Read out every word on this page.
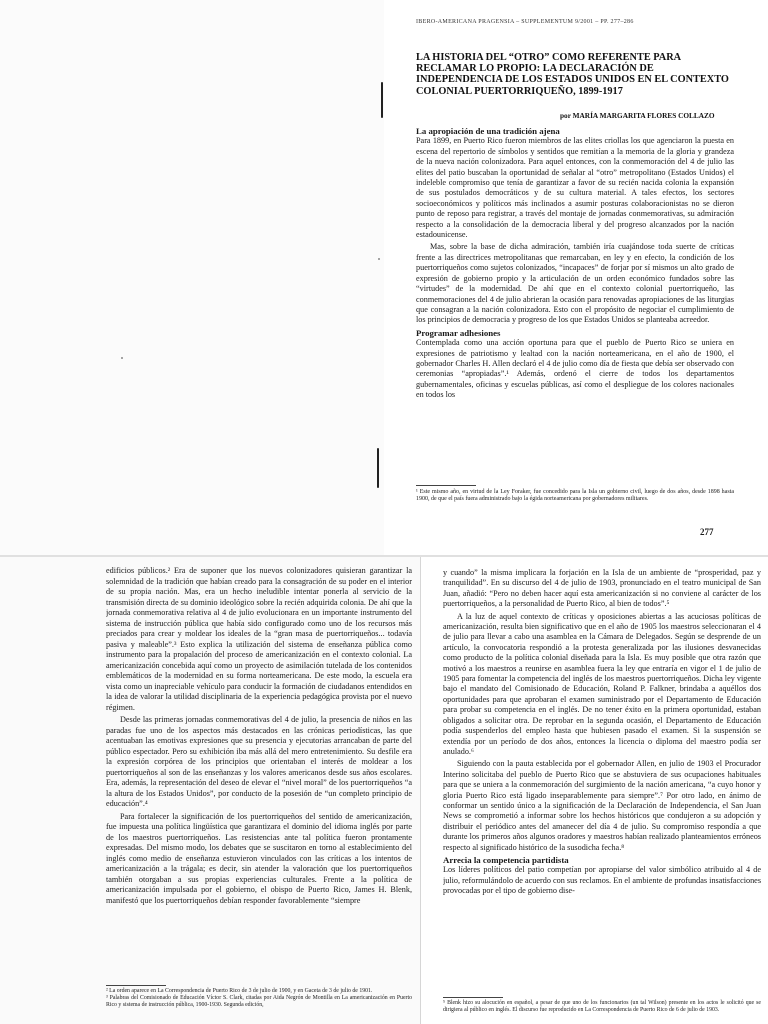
IBERO-AMERICANA PRAGENSIA – SUPPLEMENTUM 9/2001 – PP. 277–286
LA HISTORIA DEL “OTRO” COMO REFERENTE PARA RECLAMAR LO PROPIO: LA DECLARACIÓN DE INDEPENDENCIA DE LOS ESTADOS UNIDOS EN EL CONTEXTO COLONIAL PUERTORRIQUEÑO, 1899-1917
por MARÍA MARGARITA FLORES COLLAZO
La apropiación de una tradición ajena

Para 1899, en Puerto Rico fueron miembros de las elites criollas los que agenciaron la puesta en escena del repertorio de símbolos y sentidos que remitían a la memoria de la gloria y grandeza de la nueva nación colonizadora. Para aquel entonces, con la conmemoración del 4 de julio las elites del patio buscaban la oportunidad de señalar al “otro” metropolitano (Estados Unidos) el indeleble compromiso que tenía de garantizar a favor de su recién nacida colonia la expansión de sus postulados democráticos y de su cultura material. A tales efectos, los sectores socioeconómicos y políticos más inclinados a asumir posturas colaboracionistas no se dieron punto de reposo para registrar, a través del montaje de jornadas conmemorativas, su admiración respecto a la consolidación de la democracia liberal y del progreso alcanzados por la nación estadounicense.

Mas, sobre la base de dicha admiración, también iría cuajándose toda suerte de críticas frente a las directrices metropolitanas que remarcaban, en ley y en efecto, la condición de los puertorriqueños como sujetos colonizados, “incapaces” de forjar por sí mismos un alto grado de expresión de gobierno propio y la articulación de un orden económico fundados sobre las “virtudes” de la modernidad. De ahí que en el contexto colonial puertorriqueño, las conmemoraciones del 4 de julio abrieran la ocasión para renovadas apropiaciones de las liturgias que consagran a la nación colonizadora. Esto con el propósito de negociar el cumplimiento de los principios de democracia y progreso de los que Estados Unidos se planteaba acreedor.

Programar adhesiones

Contemplada como una acción oportuna para que el pueblo de Puerto Rico se uniera en expresiones de patriotismo y lealtad con la nación norteamericana, en el año de 1900, el gobernador Charles H. Allen declaró el 4 de julio como día de fiesta que debía ser observado con ceremonias “apropiadas”.¹ Además, ordenó el cierre de todos los departamentos gubernamentales, oficinas y escuelas públicas, así como el despliegue de los colores nacionales en todos los

¹ Este mismo año, en virtud de la Ley Foraker, fue concedido para la Isla un gobierno civil, luego de dos años, desde 1898 hasta 1900, de que el país fuera administrado bajo la égida norteamericana por gobernadores militares.
277

edificios públicos.² Era de suponer que los nuevos colonizadores quisieran garantizar la solemnidad de la tradición que habían creado para la consagración de su poder en el interior de su propia nación. Mas, era un hecho ineludible intentar ponerla al servicio de la transmisión directa de su dominio ideológico sobre la recién adquirida colonia. De ahí que la jornada conmemorativa relativa al 4 de julio evolucionara en un importante instrumento del sistema de instrucción pública que había sido configurado como uno de los recursos más preciados para crear y moldear los ideales de la “gran masa de puertorriqueños... todavía pasiva y maleable”.³ Esto explica la utilización del sistema de enseñanza pública como instrumento para la propalación del proceso de americanización en el contexto colonial. La americanización concebida aquí como un proyecto de asimilación tutelada de los contenidos emblemáticos de la modernidad en su forma norteamericana. De este modo, la escuela era vista como un inapreciable vehículo para conducir la formación de ciudadanos entendidos en la idea de valorar la utilidad disciplinaria de la experiencia pedagógica provista por el nuevo régimen.

Desde las primeras jornadas conmemorativas del 4 de julio, la presencia de niños en las paradas fue uno de los aspectos más destacados en las crónicas periodísticas, las que acentuaban las emotivas expresiones que su presencia y ejecutorias arrancaban de parte del público espectador. Pero su exhibición iba más allá del mero entretenimiento. Su desfile era la expresión corpórea de los principios que orientaban el interés de moldear a los puertorriqueños al son de las enseñanzas y los valores americanos desde sus años escolares. Era, además, la representación del deseo de elevar el “nivel moral” de los puertorriqueños “a la altura de los Estados Unidos”, por conducto de la posesión de “un completo principio de educación”.⁴

Para fortalecer la significación de los puertorriqueños del sentido de americanización, fue impuesta una política lingüística que garantizara el dominio del idioma inglés por parte de los maestros puertorriqueños. Las resistencias ante tal política fueron prontamente expresadas. Del mismo modo, los debates que se suscitaron en torno al establecimiento del inglés como medio de enseñanza estuvieron vinculados con las críticas a los intentos de americanización a la trágala; es decir, sin atender la valoración que los puertorriqueños también otorgaban a sus propias experiencias culturales. Frente a la política de americanización impulsada por el gobierno, el obispo de Puerto Rico, James H. Blenk, manifestó que los puertorriqueños debían responder favorablemente “siempre

² La orden aparece en La Correspondencia de Puerto Rico de 3 de julio de 1900, y en Gaceta de 3 de julio de 1901.
³ Palabras del Comisionado de Educación Víctor S. Clark, citadas por Aida Negrón de Montilla en La americanización en Puerto Rico y sistema de instrucción pública, 1900-1930. Segunda edición,

y cuando” la misma implicara la forjación en la Isla de un ambiente de “prosperidad, paz y tranquilidad”. En su discurso del 4 de julio de 1903, pronunciado en el teatro municipal de San Juan, añadió: “Pero no deben hacer aquí esta americanización si no conviene al carácter de los puertorriqueños, a la personalidad de Puerto Rico, al bien de todos”.⁵

A la luz de aquel contexto de críticas y oposiciones abiertas a las acuciosas políticas de americanización, resulta bien significativo que en el año de 1905 los maestros seleccionaran el 4 de julio para llevar a cabo una asamblea en la Cámara de Delegados. Según se desprende de un artículo, la convocatoria respondió a la protesta generalizada por las ilusiones desvanecidas como producto de la política colonial diseñada para la Isla. Es muy posible que otra razón que motivó a los maestros a reunirse en asamblea fuera la ley que entraría en vigor el 1 de julio de 1905 para fomentar la competencia del inglés de los maestros puertorriqueños. Dicha ley vigente bajo el mandato del Comisionado de Educación, Roland P. Falkner, brindaba a aquéllos dos oportunidades para que aprobaran el examen suministrado por el Departamento de Educación para probar su competencia en el inglés. De no tener éxito en la primera oportunidad, estaban obligados a solicitar otra. De reprobar en la segunda ocasión, el Departamento de Educación podía suspenderlos del empleo hasta que hubiesen pasado el examen. Si la suspensión se extendía por un período de dos años, entonces la licencia o diploma del maestro podía ser anulado.⁶

Siguiendo con la pauta establecida por el gobernador Allen, en julio de 1903 el Procurador Interino solicitaba del pueblo de Puerto Rico que se abstuviera de sus ocupaciones habituales para que se uniera a la conmemoración del surgimiento de la nación americana, “a cuyo honor y gloria Puerto Rico está ligado inseparablemente para siempre”.⁷ Por otro lado, en ánimo de conformar un sentido único a la significación de la Declaración de Independencia, el San Juan News se comprometió a informar sobre los hechos históricos que condujeron a su adopción y distribuir el periódico antes del amanecer del día 4 de julio. Su compromiso respondía a que durante los primeros años algunos oradores y maestros habían realizado planteamientos erróneos respecto al significado histórico de la susodicha fecha.⁸

Arrecia la competencia partidista

Los líderes políticos del patio competían por apropiarse del valor simbólico atribuido al 4 de julio, reformulándolo de acuerdo con sus reclamos. En el ambiente de profundas insatisfacciones provocadas por el tipo de gobierno dise-

⁵ Blenk hizo su alocución en español, a pesar de que uno de los funcionarios (un tal Wilson) presente en los actos le solicitó que se dirigiera al público en inglés. El discurso fue reproducido en La Correspondencia de Puerto Rico de 6 de julio de 1903.
